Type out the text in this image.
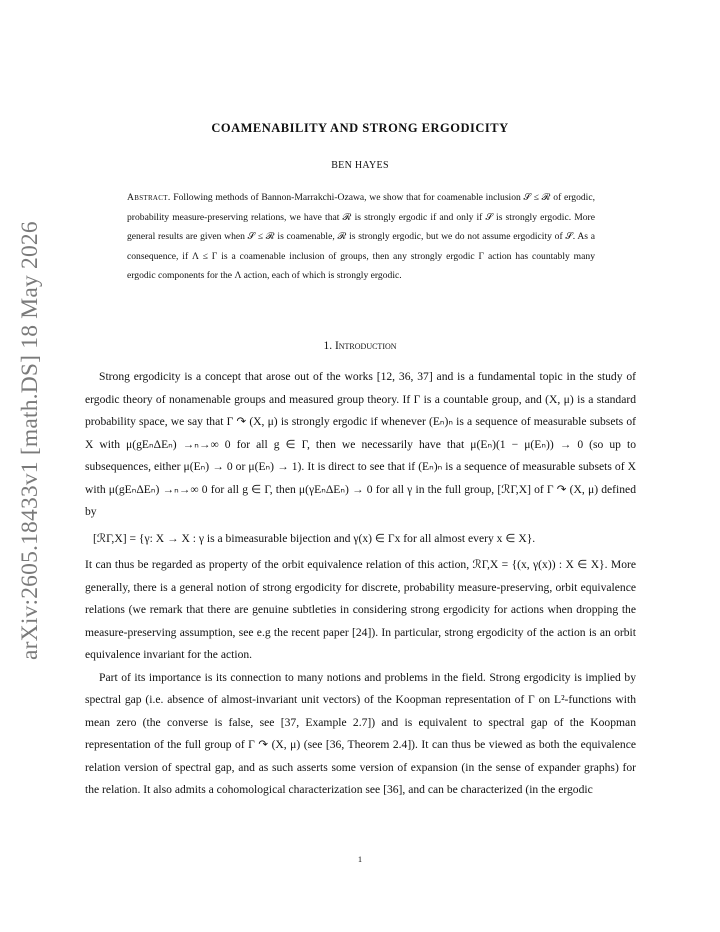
arXiv:2605.18433v1 [math.DS] 18 May 2026
COAMENABILITY AND STRONG ERGODICITY
BEN HAYES

Abstract. Following methods of Bannon-Marrakchi-Ozawa, we show that for coamenable inclusion 𝒮 ≤ ℛ of ergodic, probability measure-preserving relations, we have that ℛ is strongly ergodic if and only if 𝒮 is strongly ergodic. More general results are given when 𝒮 ≤ ℛ is coamenable, ℛ is strongly ergodic, but we do not assume ergodicity of 𝒮. As a consequence, if Λ ≤ Γ is a coamenable inclusion of groups, then any strongly ergodic Γ action has countably many ergodic components for the Λ action, each of which is strongly ergodic.

1. Introduction

Strong ergodicity is a concept that arose out of the works [12, 36, 37] and is a fundamental topic in the study of ergodic theory of nonamenable groups and measured group theory. If Γ is a countable group, and (X, μ) is a standard probability space, we say that Γ ↷ (X, μ) is strongly ergodic if whenever (Eₙ)ₙ is a sequence of measurable subsets of X with μ(gEₙΔEₙ) →ₙ→∞ 0 for all g ∈ Γ, then we necessarily have that μ(Eₙ)(1 − μ(Eₙ)) → 0 (so up to subsequences, either μ(Eₙ) → 0 or μ(Eₙ) → 1). It is direct to see that if (Eₙ)ₙ is a sequence of measurable subsets of X with μ(gEₙΔEₙ) →ₙ→∞ 0 for all g ∈ Γ, then μ(γEₙΔEₙ) → 0 for all γ in the full group, [ℛΓ,X] of Γ ↷ (X, μ) defined by

[ℛΓ,X] = {γ: X → X : γ is a bimeasurable bijection and γ(x) ∈ Γx for all almost every x ∈ X}.

It can thus be regarded as property of the orbit equivalence relation of this action, ℛΓ,X = {(x, γ(x)) : X ∈ X}. More generally, there is a general notion of strong ergodicity for discrete, probability measure-preserving, orbit equivalence relations (we remark that there are genuine subtleties in considering strong ergodicity for actions when dropping the measure-preserving assumption, see e.g the recent paper [24]). In particular, strong ergodicity of the action is an orbit equivalence invariant for the action.

Part of its importance is its connection to many notions and problems in the field. Strong ergodicity is implied by spectral gap (i.e. absence of almost-invariant unit vectors) of the Koopman representation of Γ on L²-functions with mean zero (the converse is false, see [37, Example 2.7]) and is equivalent to spectral gap of the Koopman representation of the full group of Γ ↷ (X, μ) (see [36, Theorem 2.4]). It can thus be viewed as both the equivalence relation version of spectral gap, and as such asserts some version of expansion (in the sense of expander graphs) for the relation. It also admits a cohomological characterization see [36], and can be characterized (in the ergodic

1
